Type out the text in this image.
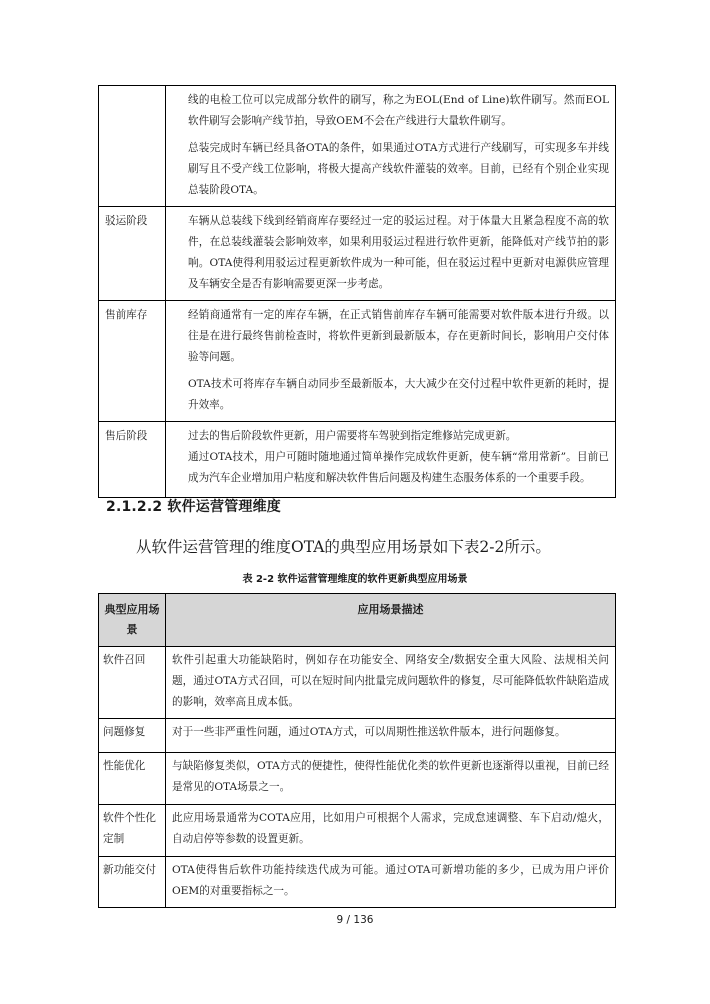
	线的电检工位可以完成部分软件的刷写，称之为EOL(End of Line)软件刷写。然而EOL软件刷写会影响产线节拍，导致OEM不会在产线进行大量软件刷写。

总装完成时车辆已经具备OTA的条件，如果通过OTA方式进行产线刷写，可实现多车并线刷写且不受产线工位影响，将极大提高产线软件灌装的效率。目前，已经有个别企业实现总装阶段OTA。

驳运阶段	车辆从总装线下线到经销商库存要经过一定的驳运过程。对于体量大且紧急程度不高的软件，在总装线灌装会影响效率，如果利用驳运过程进行软件更新，能降低对产线节拍的影响。OTA使得利用驳运过程更新软件成为一种可能，但在驳运过程中更新对电源供应管理及车辆安全是否有影响需要更深一步考虑。

售前库存	经销商通常有一定的库存车辆，在正式销售前库存车辆可能需要对软件版本进行升级。以往是在进行最终售前检查时，将软件更新到最新版本，存在更新时间长，影响用户交付体验等问题。

OTA技术可将库存车辆自动同步至最新版本，大大减少在交付过程中软件更新的耗时，提升效率。

售后阶段	过去的售后阶段软件更新，用户需要将车驾驶到指定维修站完成更新。
通过OTA技术，用户可随时随地通过简单操作完成软件更新，使车辆“常用常新”。目前已成为汽车企业增加用户粘度和解决软件售后问题及构建生态服务体系的一个重要手段。

2.1.2.2 软件运营管理维度
从软件运营管理的维度OTA的典型应用场景如下表2-2所示。
表 2-2 软件运营管理维度的软件更新典型应用场景
典型应用场景	应用场景描述
软件召回	软件引起重大功能缺陷时，例如存在功能安全、网络安全/数据安全重大风险、法规相关问题，通过OTA方式召回，可以在短时间内批量完成问题软件的修复，尽可能降低软件缺陷造成的影响，效率高且成本低。
问题修复	对于一些非严重性问题，通过OTA方式，可以周期性推送软件版本，进行问题修复。
性能优化	与缺陷修复类似，OTA方式的便捷性，使得性能优化类的软件更新也逐渐得以重视，目前已经是常见的OTA场景之一。
软件个性化定制	此应用场景通常为COTA应用，比如用户可根据个人需求，完成怠速调整、车下启动/熄火，自动启停等参数的设置更新。
新功能交付	OTA使得售后软件功能持续迭代成为可能。通过OTA可新增功能的多少，已成为用户评价OEM的对重要指标之一。
9 / 136
